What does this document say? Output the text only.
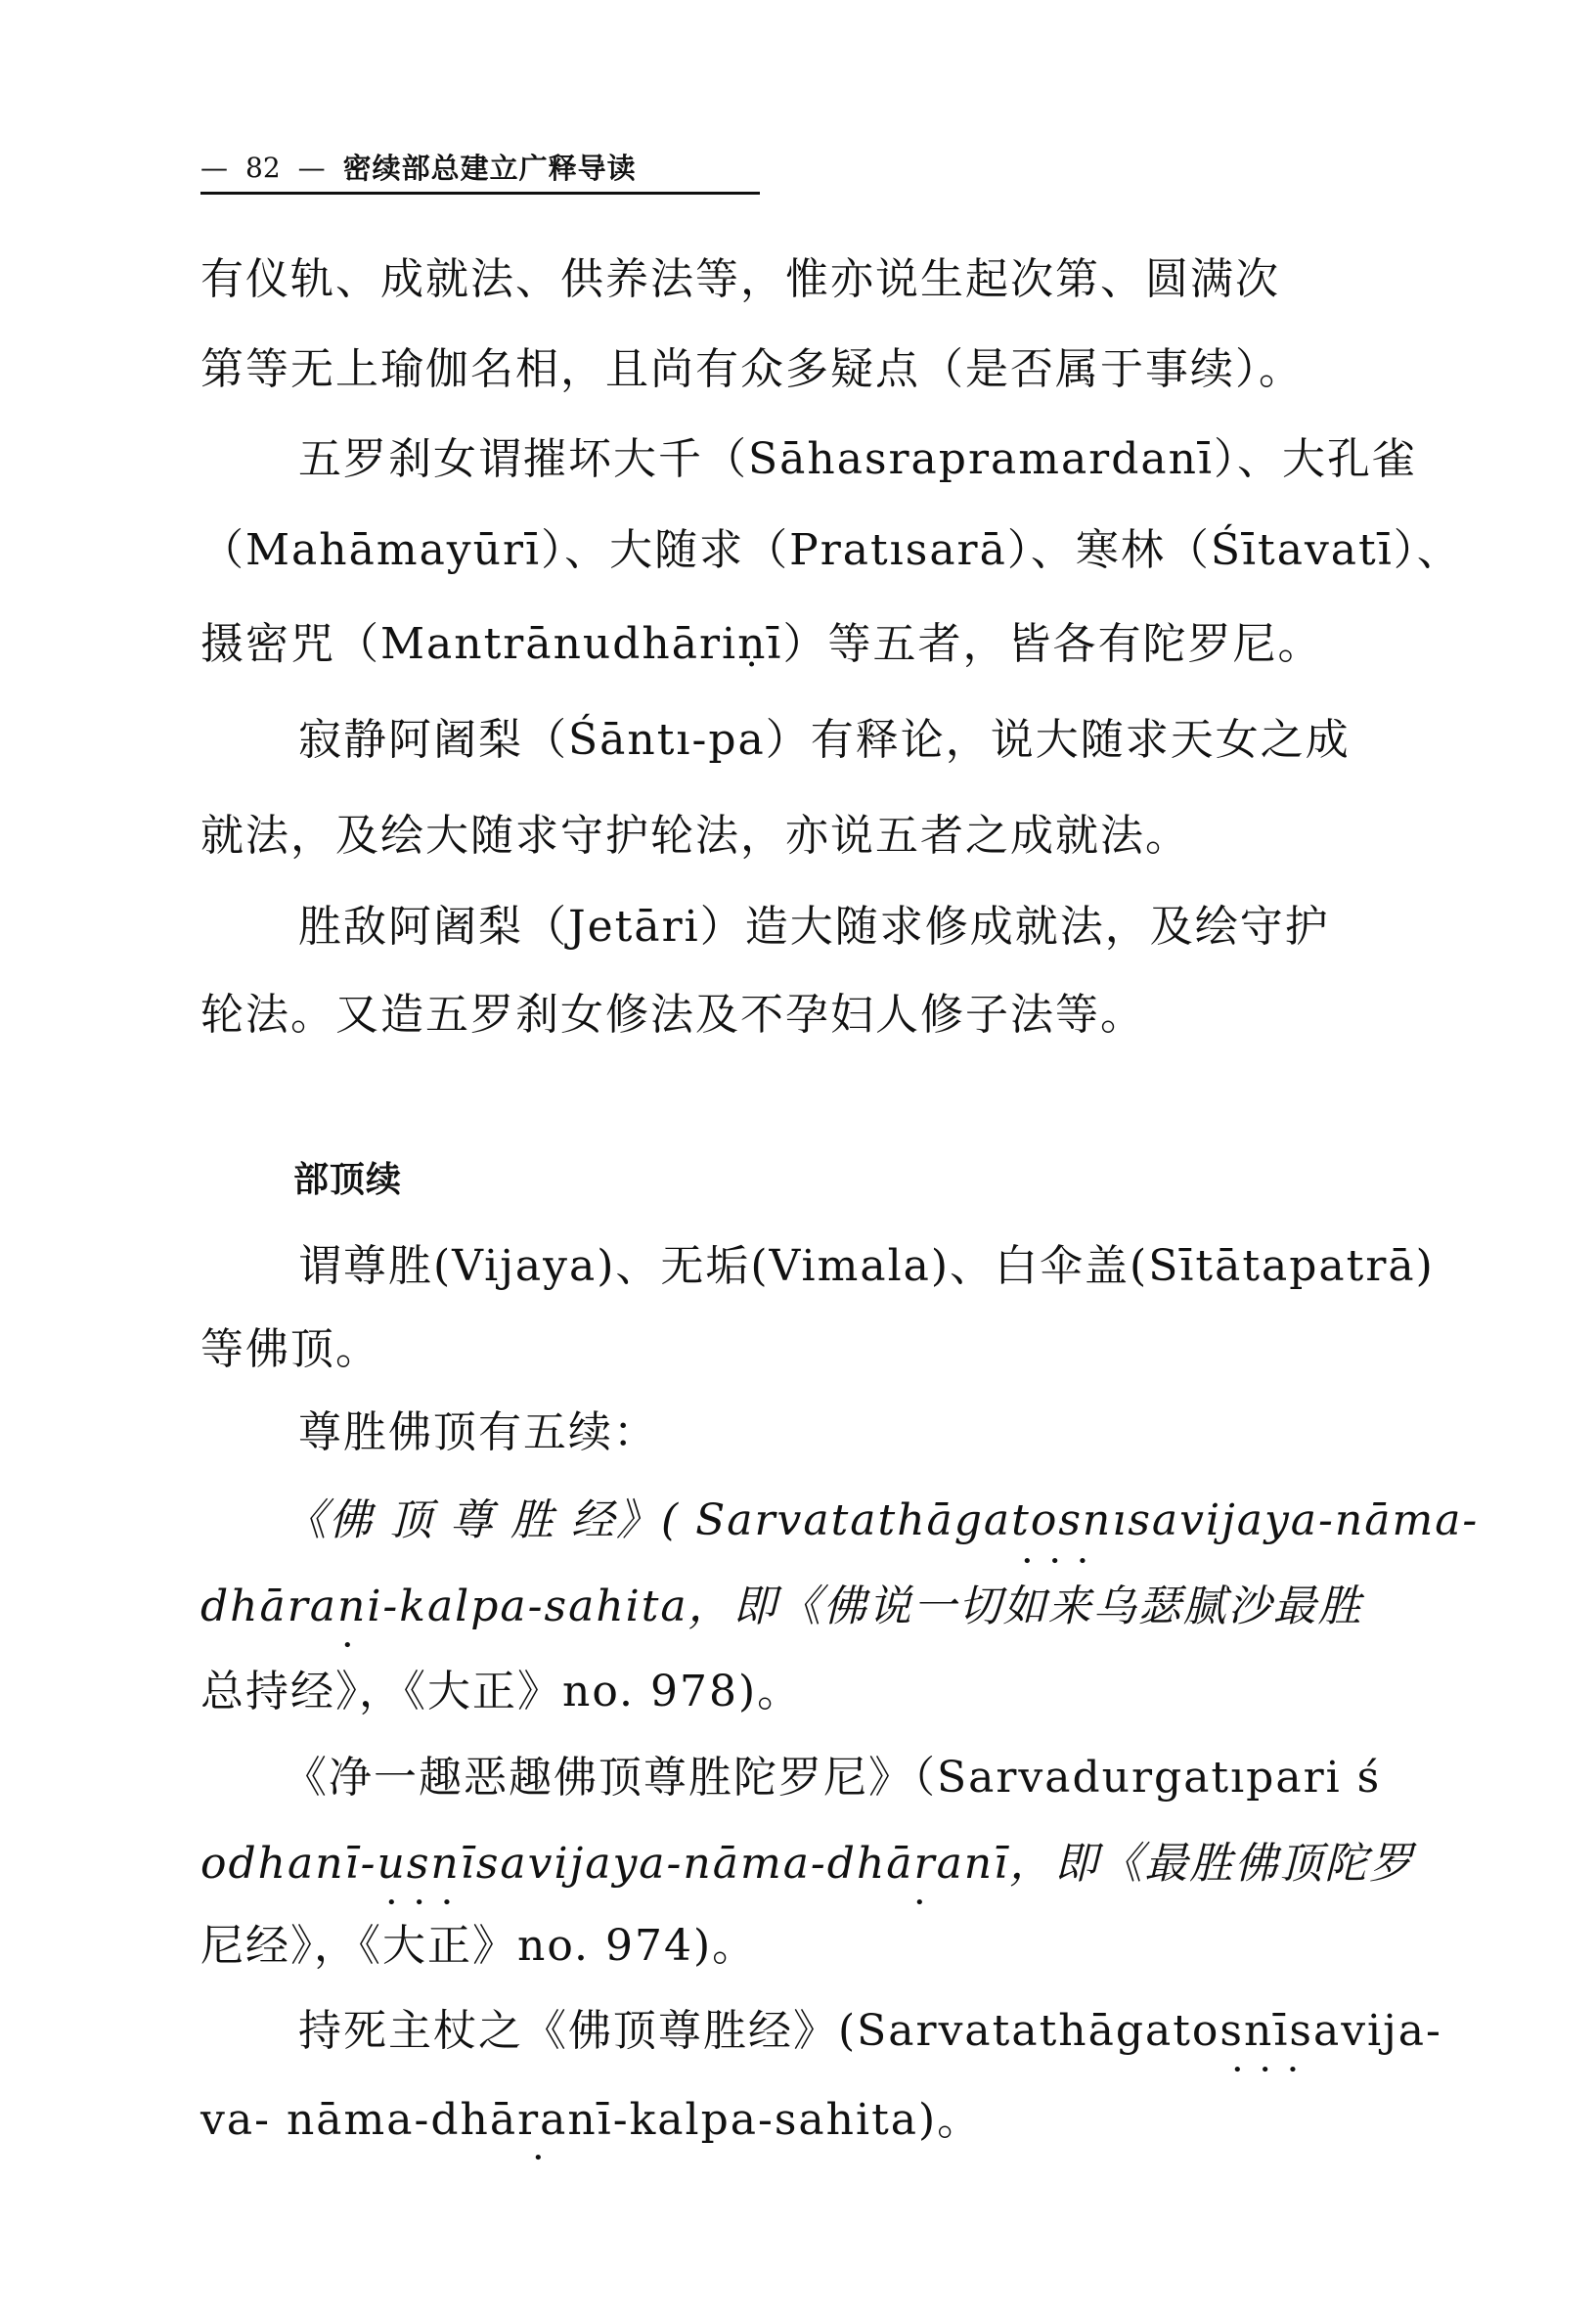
— 82 — 密续部总建立广释导读
有仪轨、成就法、供养法等，惟亦说生起次第、圆满次
第等无上瑜伽名相，且尚有众多疑点（是否属于事续）。
五罗刹女谓摧坏大千（Sāhasrapramardanī）、大孔雀
（Mahāmayūrī）、大随求（Pratısarā）、寒林（Śītavatī）、
摄密咒（Mantrānudhāriṇī）等五者，皆各有陀罗尼。
寂静阿阇梨（Śāntı-pa）有释论，说大随求天女之成
就法，及绘大随求守护轮法，亦说五者之成就法。
胜敌阿阇梨（Jetāri）造大随求修成就法，及绘守护
轮法。又造五罗刹女修法及不孕妇人修子法等。
部顶续
谓尊胜(Vijaya)、无垢(Vimala)、白伞盖(Sītātapatrā)
等佛顶。
尊胜佛顶有五续：
《佛 顶 尊 胜 经》( Sarvatathāgatosnısavijaya-nāma-
• • •
dhārani-kalpa-sahita，即《佛说一切如来乌瑟腻沙最胜
•
总持经》，《大正》no. 978)。
《净一趣恶趣佛顶尊胜陀罗尼》（Sarvadurgatıpari ś
odhanī-usnīsavijaya-nāma-dhāranī，即《最胜佛顶陀罗
• • •	•
尼经》，《大正》no. 974)。
持死主杖之《佛顶尊胜经》(Sarvatathāgatosnīsavija-
• • •
va- nāma-dhāranī-kalpa-sahita)。
•
